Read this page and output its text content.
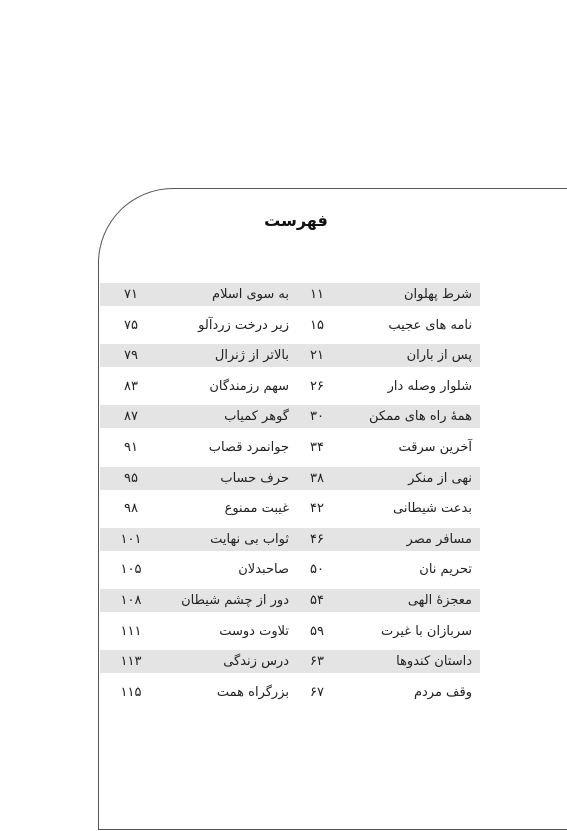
فهرست
شرط پهلوان
۱۱
به سوی اسلام
۷۱
نامه های عجیب
۱۵
زیر درخت زردآلو
۷۵
پس از باران
۲۱
بالاتر از ژنرال
۷۹
شلوار وصله دار
۲۶
سهم رزمندگان
۸۳
همهٔ راه های ممکن
۳۰
گوهر کمیاب
۸۷
آخرین سرقت
۳۴
جوانمرد قصاب
۹۱
نهی از منکر
۳۸
حرف حساب
۹۵
بدعت شیطانی
۴۲
غیبت ممنوع
۹۸
مسافر مصر
۴۶
ثواب بی نهایت
۱۰۱
تحریم نان
۵۰
صاحبدلان
۱۰۵
معجزهٔ الهی
۵۴
دور از چشم شیطان
۱۰۸
سربازان با غیرت
۵۹
تلاوت دوست
۱۱۱
داستان کندوها
۶۳
درس زندگی
۱۱۳
وقف مردم
۶۷
بزرگراه همت
۱۱۵
